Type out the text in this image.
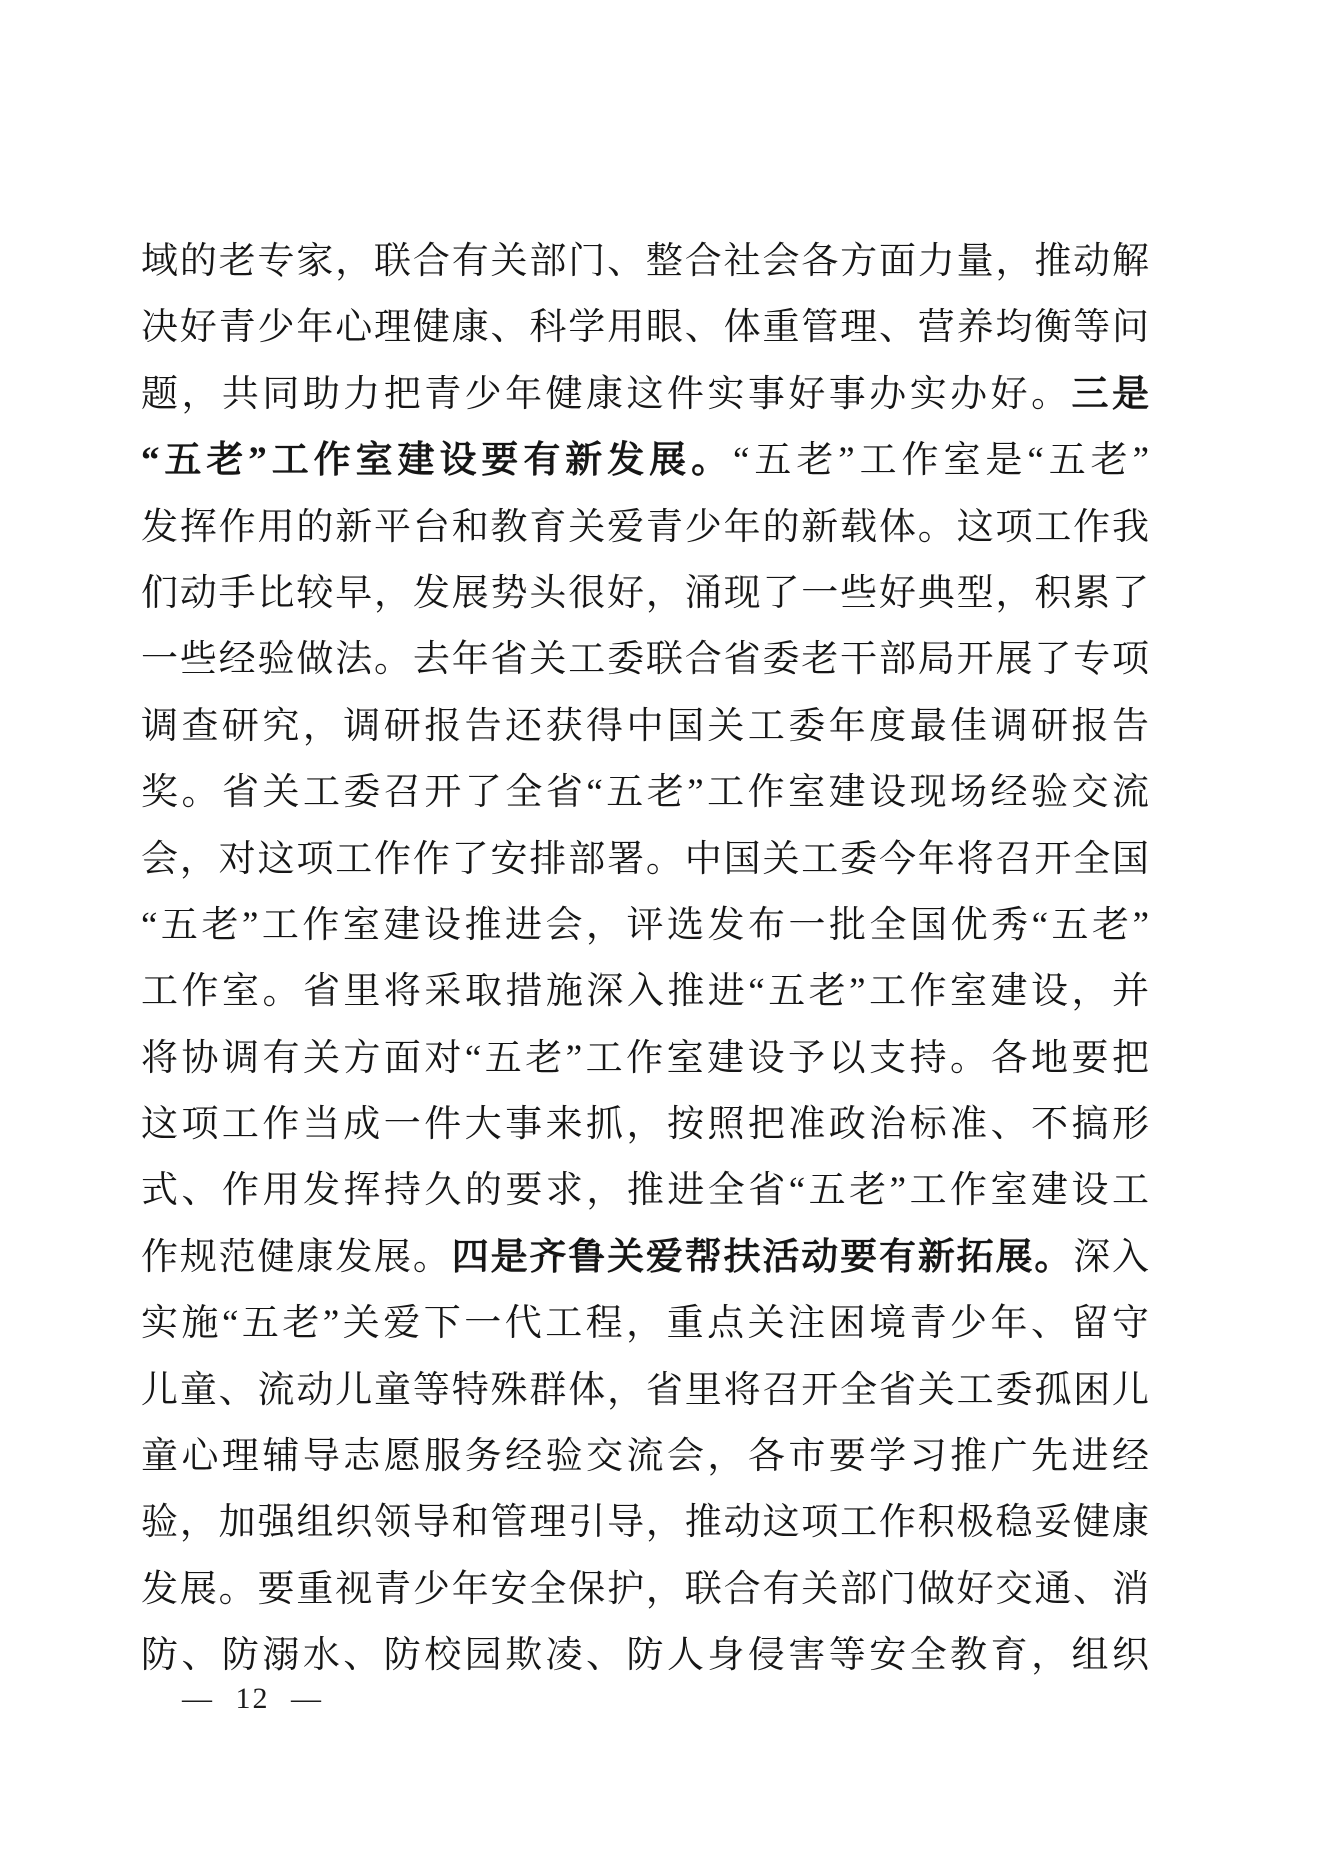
域的老专家，联合有关部门、整合社会各方面力量，推动解
决好青少年心理健康、科学用眼、体重管理、营养均衡等问
题，共同助力把青少年健康这件实事好事办实办好。三是
“五老”工作室建设要有新发展。“五老”工作室是“五老”
发挥作用的新平台和教育关爱青少年的新载体。这项工作我
们动手比较早，发展势头很好，涌现了一些好典型，积累了
一些经验做法。去年省关工委联合省委老干部局开展了专项
调查研究，调研报告还获得中国关工委年度最佳调研报告
奖。省关工委召开了全省“五老”工作室建设现场经验交流
会，对这项工作作了安排部署。中国关工委今年将召开全国
“五老”工作室建设推进会，评选发布一批全国优秀“五老”
工作室。省里将采取措施深入推进“五老”工作室建设，并
将协调有关方面对“五老”工作室建设予以支持。各地要把
这项工作当成一件大事来抓，按照把准政治标准、不搞形
式、作用发挥持久的要求，推进全省“五老”工作室建设工
作规范健康发展。四是齐鲁关爱帮扶活动要有新拓展。深入
实施“五老”关爱下一代工程，重点关注困境青少年、留守
儿童、流动儿童等特殊群体，省里将召开全省关工委孤困儿
童心理辅导志愿服务经验交流会，各市要学习推广先进经
验，加强组织领导和管理引导，推动这项工作积极稳妥健康
发展。要重视青少年安全保护，联合有关部门做好交通、消
防、防溺水、防校园欺凌、防人身侵害等安全教育，组织
— 12 —
